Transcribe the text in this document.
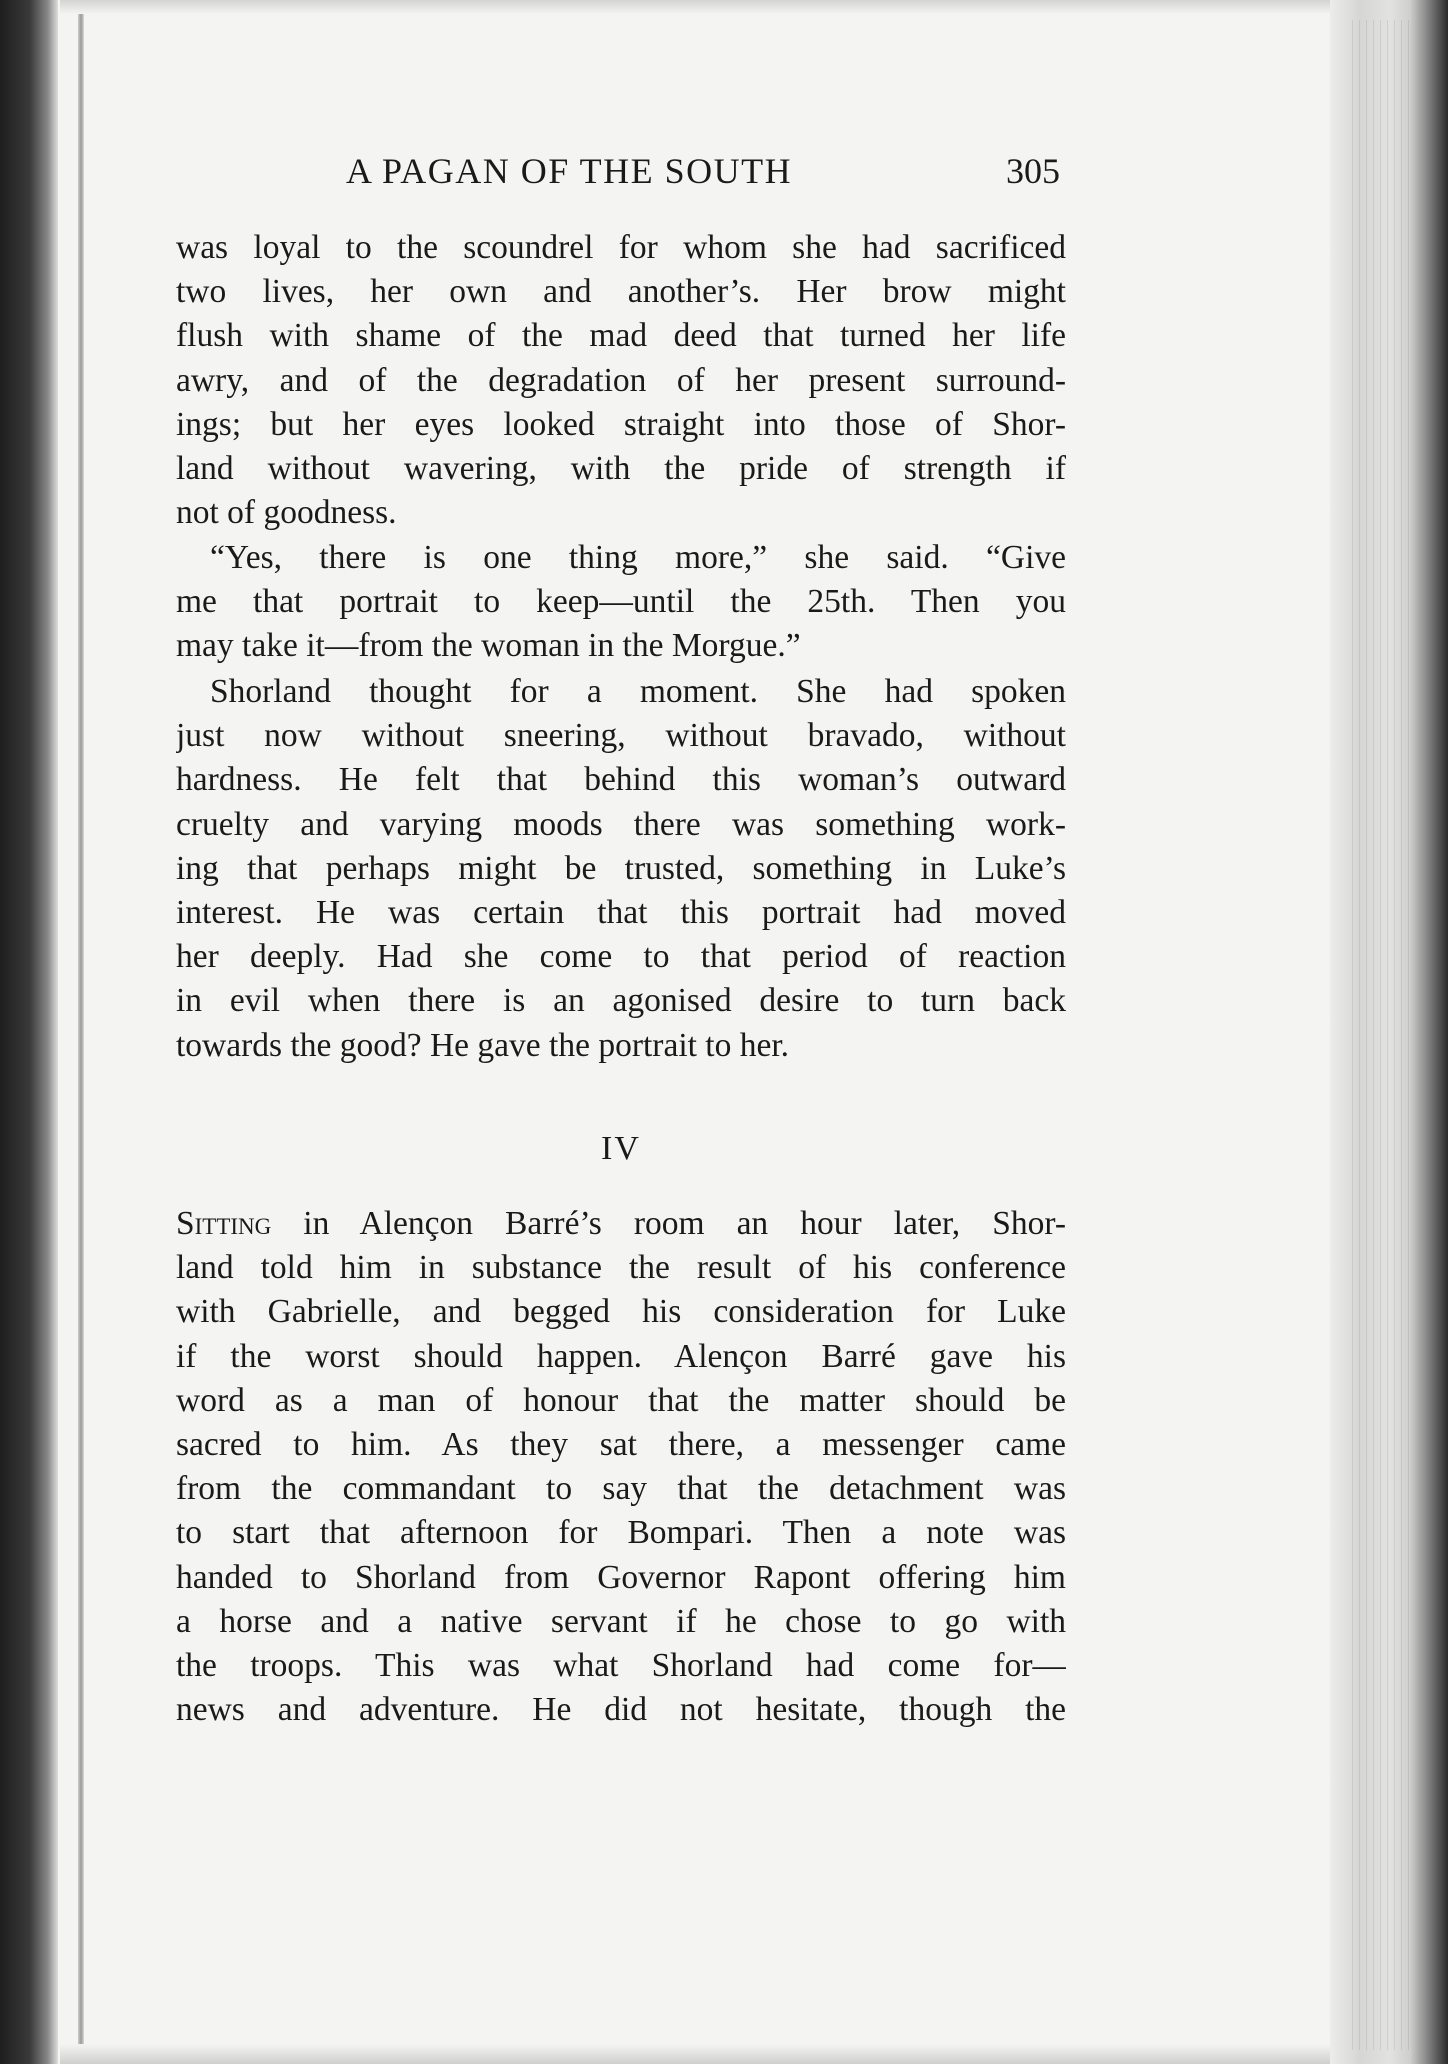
A PAGAN OF THE SOUTH	305
was loyal to the scoundrel for whom she had sacrificed
two lives, her own and another’s. Her brow might
flush with shame of the mad deed that turned her life
awry, and of the degradation of her present surround-
ings; but her eyes looked straight into those of Shor-
land without wavering, with the pride of strength if
not of goodness.
“Yes, there is one thing more,” she said. “Give
me that portrait to keep—until the 25th. Then you
may take it—from the woman in the Morgue.”
Shorland thought for a moment. She had spoken
just now without sneering, without bravado, without
hardness. He felt that behind this woman’s outward
cruelty and varying moods there was something work-
ing that perhaps might be trusted, something in Luke’s
interest. He was certain that this portrait had moved
her deeply. Had she come to that period of reaction
in evil when there is an agonised desire to turn back
towards the good? He gave the portrait to her.
IV
Sitting in Alençon Barré’s room an hour later, Shor-
land told him in substance the result of his conference
with Gabrielle, and begged his consideration for Luke
if the worst should happen. Alençon Barré gave his
word as a man of honour that the matter should be
sacred to him. As they sat there, a messenger came
from the commandant to say that the detachment was
to start that afternoon for Bompari. Then a note was
handed to Shorland from Governor Rapont offering him
a horse and a native servant if he chose to go with
the troops. This was what Shorland had come for—
news and adventure. He did not hesitate, though the
